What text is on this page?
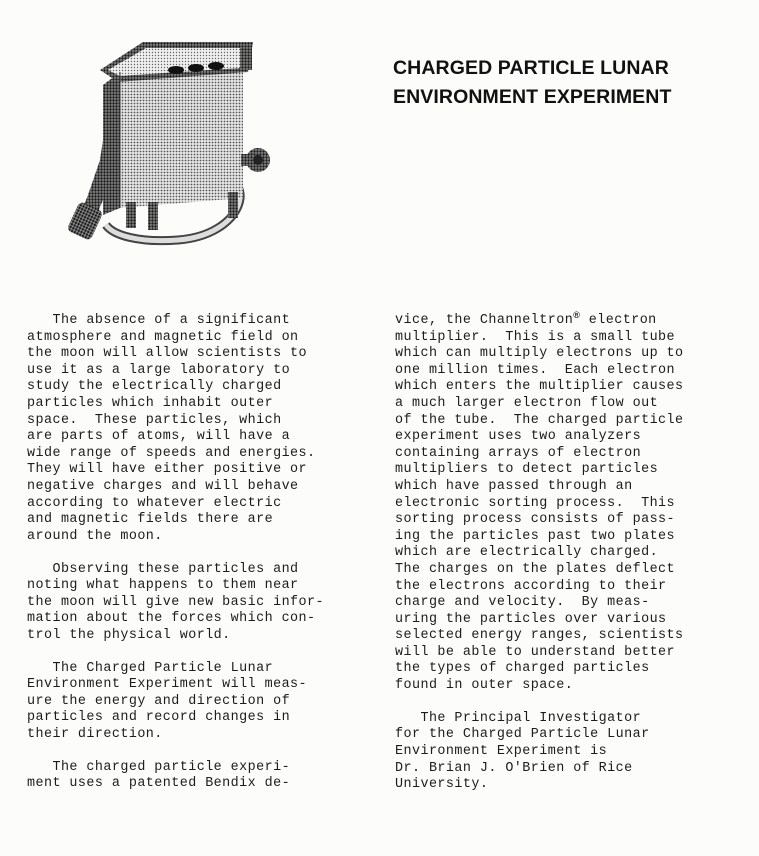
CHARGED PARTICLE LUNAR
ENVIRONMENT EXPERIMENT
The absence of a significant
atmosphere and magnetic field on
the moon will allow scientists to
use it as a large laboratory to
study the electrically charged
particles which inhabit outer
space.  These particles, which
are parts of atoms, will have a
wide range of speeds and energies.
They will have either positive or
negative charges and will behave
according to whatever electric
and magnetic fields there are
around the moon.
Observing these particles and
noting what happens to them near
the moon will give new basic infor-
mation about the forces which con-
trol the physical world.
The Charged Particle Lunar
Environment Experiment will meas-
ure the energy and direction of
particles and record changes in
their direction.
The charged particle experi-
ment uses a patented Bendix de-
vice, the Channeltron® electron
multiplier.  This is a small tube
which can multiply electrons up to
one million times.  Each electron
which enters the multiplier causes
a much larger electron flow out
of the tube.  The charged particle
experiment uses two analyzers
containing arrays of electron
multipliers to detect particles
which have passed through an
electronic sorting process.  This
sorting process consists of pass-
ing the particles past two plates
which are electrically charged.
The charges on the plates deflect
the electrons according to their
charge and velocity.  By meas-
uring the particles over various
selected energy ranges, scientists
will be able to understand better
the types of charged particles
found in outer space.
The Principal Investigator
for the Charged Particle Lunar
Environment Experiment is
Dr. Brian J. O'Brien of Rice
University.
